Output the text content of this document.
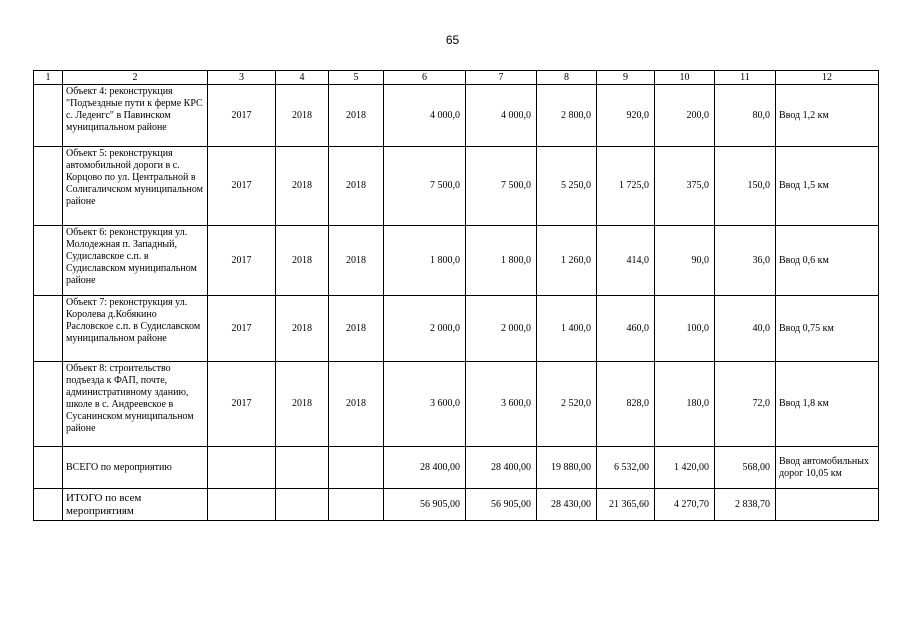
65
1	2	3	4	5	6	7	8	9	10	11	12
	Объект 4: реконструкция "Подъездные пути к ферме КРС с. Леденгс" в Павинском муниципальном районе	2017	2018	2018	4 000,0	4 000,0	2 800,0	920,0	200,0	80,0	Ввод 1,2 км
	Объект 5: реконструкция автомобильной дороги в с. Корцово по ул. Центральной в Солигаличском муниципальном районе	2017	2018	2018	7 500,0	7 500,0	5 250,0	1 725,0	375,0	150,0	Ввод 1,5 км
	Объект 6: реконструкция ул. Молодежная п. Западный, Судиславское с.п. в Судиславском муниципальном районе	2017	2018	2018	1 800,0	1 800,0	1 260,0	414,0	90,0	36,0	Ввод 0,6 км
	Объект 7: реконструкция ул. Королева д.Кобякино Расловское с.п. в Судиславском муниципальном районе	2017	2018	2018	2 000,0	2 000,0	1 400,0	460,0	100,0	40,0	Ввод 0,75 км
	Объект 8: строительство подъезда к ФАП, почте, административному зданию, школе в с. Андреевское в Сусанинском муниципальном районе	2017	2018	2018	3 600,0	3 600,0	2 520,0	828,0	180,0	72,0	Ввод 1,8 км
	ВСЕГО по мероприятию				28 400,00	28 400,00	19 880,00	6 532,00	1 420,00	568,00	Ввод автомобильных дорог 10,05 км
	ИТОГО по всем мероприятиям				56 905,00	56 905,00	28 430,00	21 365,60	4 270,70	2 838,70	
